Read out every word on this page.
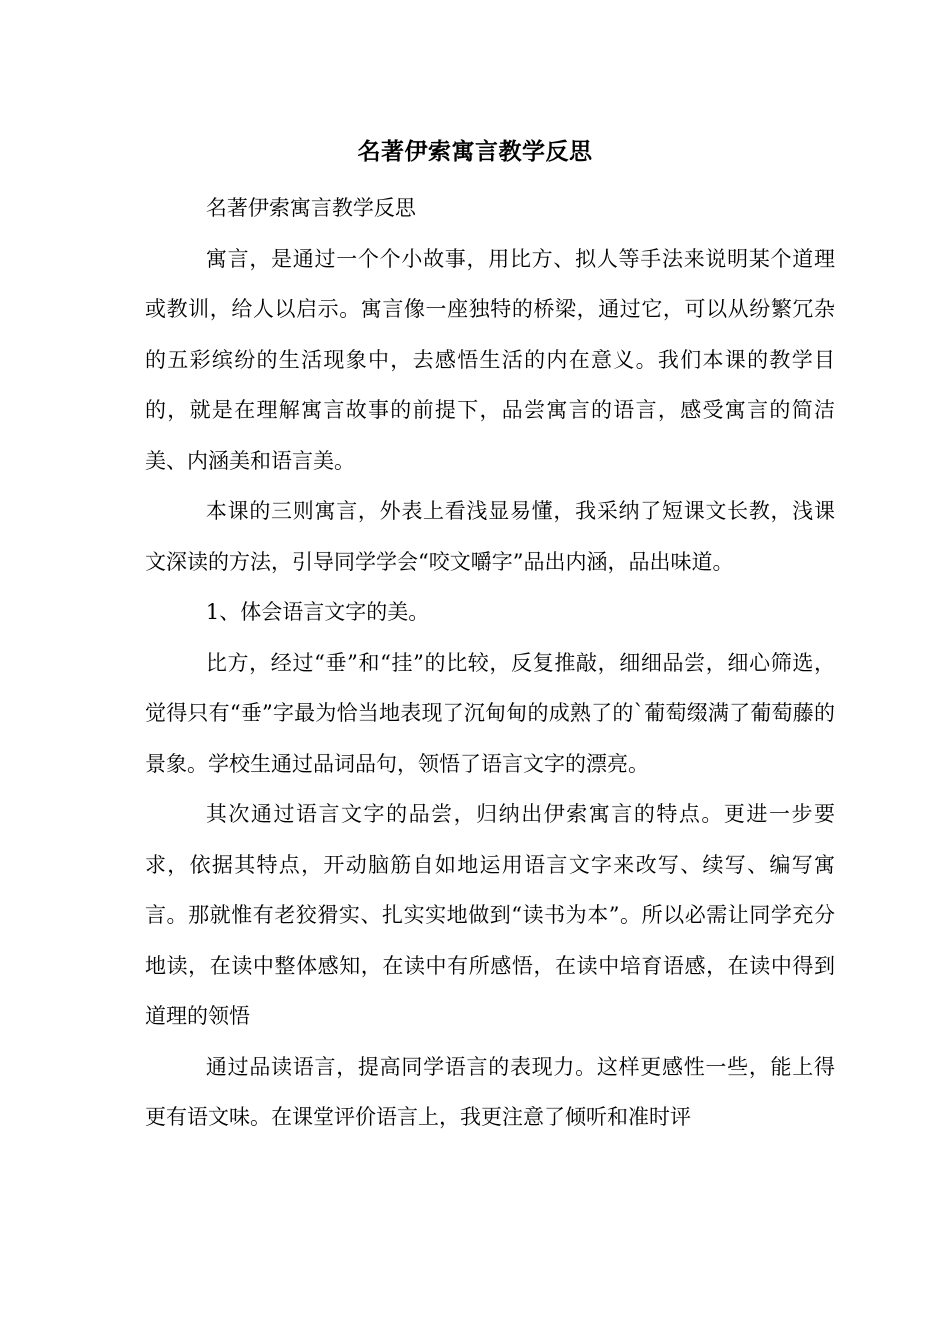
名著伊索寓言教学反思

名著伊索寓言教学反思

寓言，是通过一个个小故事，用比方、拟人等手法来说明某个道理或教训，给人以启示。寓言像一座独特的桥梁，通过它，可以从纷繁冗杂的五彩缤纷的生活现象中，去感悟生活的内在意义。我们本课的教学目的，就是在理解寓言故事的前提下，品尝寓言的语言，感受寓言的简洁美、内涵美和语言美。

本课的三则寓言，外表上看浅显易懂，我采纳了短课文长教，浅课文深读的方法，引导同学学会“咬文嚼字”品出内涵，品出味道。

1、体会语言文字的美。

比方，经过“垂”和“挂”的比较，反复推敲，细细品尝，细心筛选，觉得只有“垂”字最为恰当地表现了沉甸甸的成熟了的`葡萄缀满了葡萄藤的景象。学校生通过品词品句，领悟了语言文字的漂亮。

其次通过语言文字的品尝，归纳出伊索寓言的特点。更进一步要求，依据其特点，开动脑筋自如地运用语言文字来改写、续写、编写寓言。那就惟有老狡猾实、扎实实地做到“读书为本”。所以必需让同学充分地读，在读中整体感知，在读中有所感悟，在读中培育语感，在读中得到道理的领悟

通过品读语言，提高同学语言的表现力。这样更感性一些，能上得更有语文味。在课堂评价语言上，我更注意了倾听和准时评
